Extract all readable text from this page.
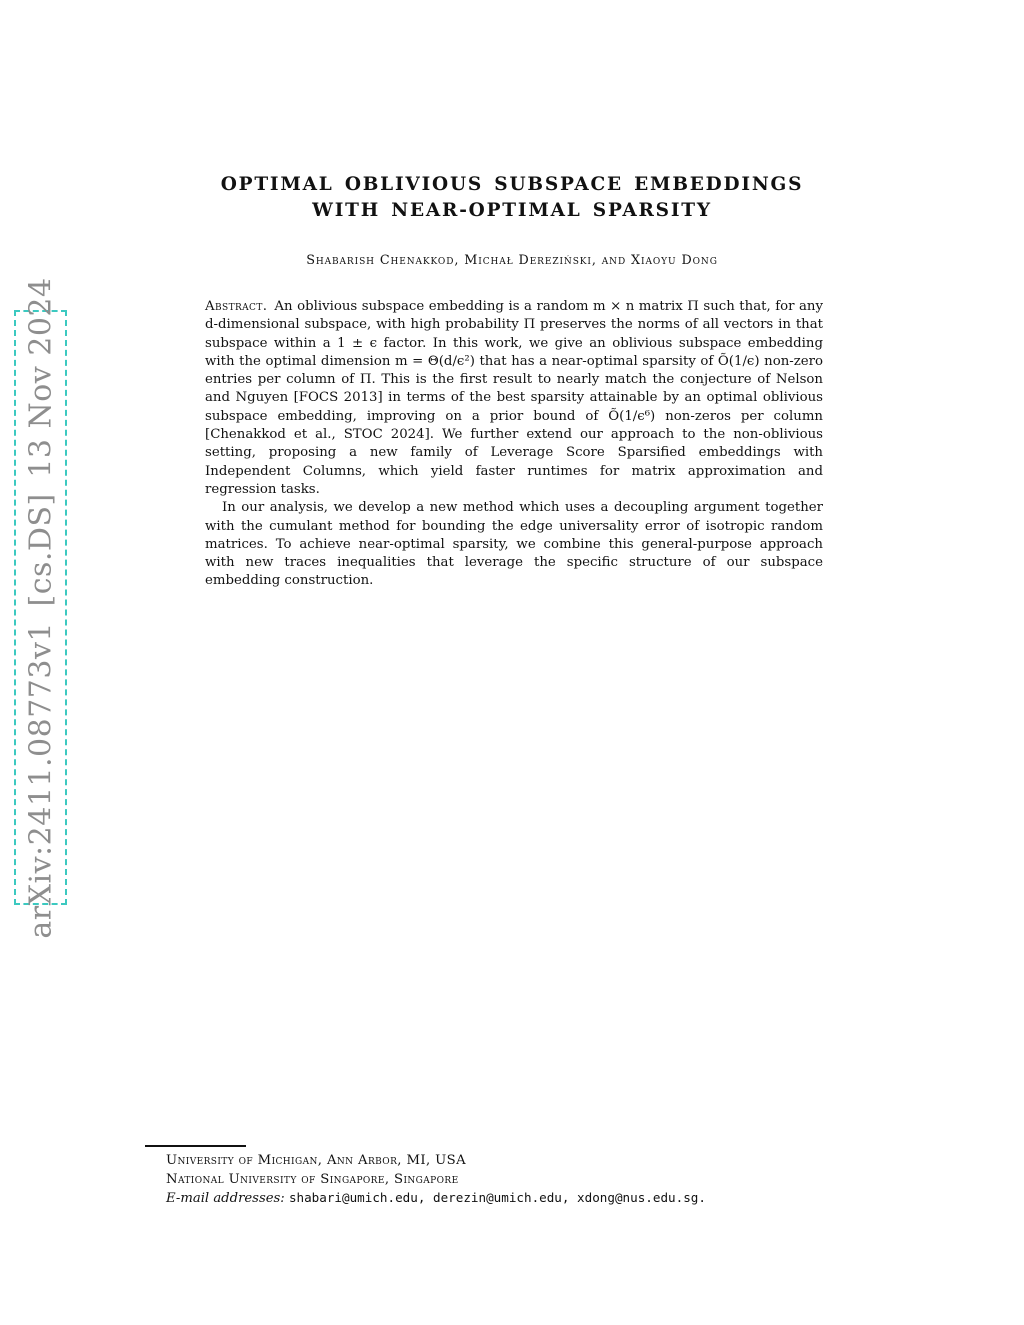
arXiv:2411.08773v1 [cs.DS] 13 Nov 2024
OPTIMAL OBLIVIOUS SUBSPACE EMBEDDINGS
WITH NEAR-OPTIMAL SPARSITY
Shabarish Chenakkod, Michał Dereziński, and Xiaoyu Dong

Abstract. An oblivious subspace embedding is a random m × n matrix Π such that, for any d-dimensional subspace, with high probability Π preserves the norms of all vectors in that subspace within a 1 ± ϵ factor. In this work, we give an oblivious subspace embedding with the optimal dimension m = Θ(d/ϵ²) that has a near-optimal sparsity of Õ(1/ϵ) non-zero entries per column of Π. This is the first result to nearly match the conjecture of Nelson and Nguyen [FOCS 2013] in terms of the best sparsity attainable by an optimal oblivious subspace embedding, improving on a prior bound of Õ(1/ϵ⁶) non-zeros per column [Chenakkod et al., STOC 2024]. We further extend our approach to the non-oblivious setting, proposing a new family of Leverage Score Sparsified embeddings with Independent Columns, which yield faster runtimes for matrix approximation and regression tasks.

In our analysis, we develop a new method which uses a decoupling argument together with the cumulant method for bounding the edge universality error of isotropic random matrices. To achieve near-optimal sparsity, we combine this general-purpose approach with new traces inequalities that leverage the specific structure of our subspace embedding construction.

University of Michigan, Ann Arbor, MI, USA
National University of Singapore, Singapore
E-mail addresses: shabari@umich.edu, derezin@umich.edu, xdong@nus.edu.sg.
